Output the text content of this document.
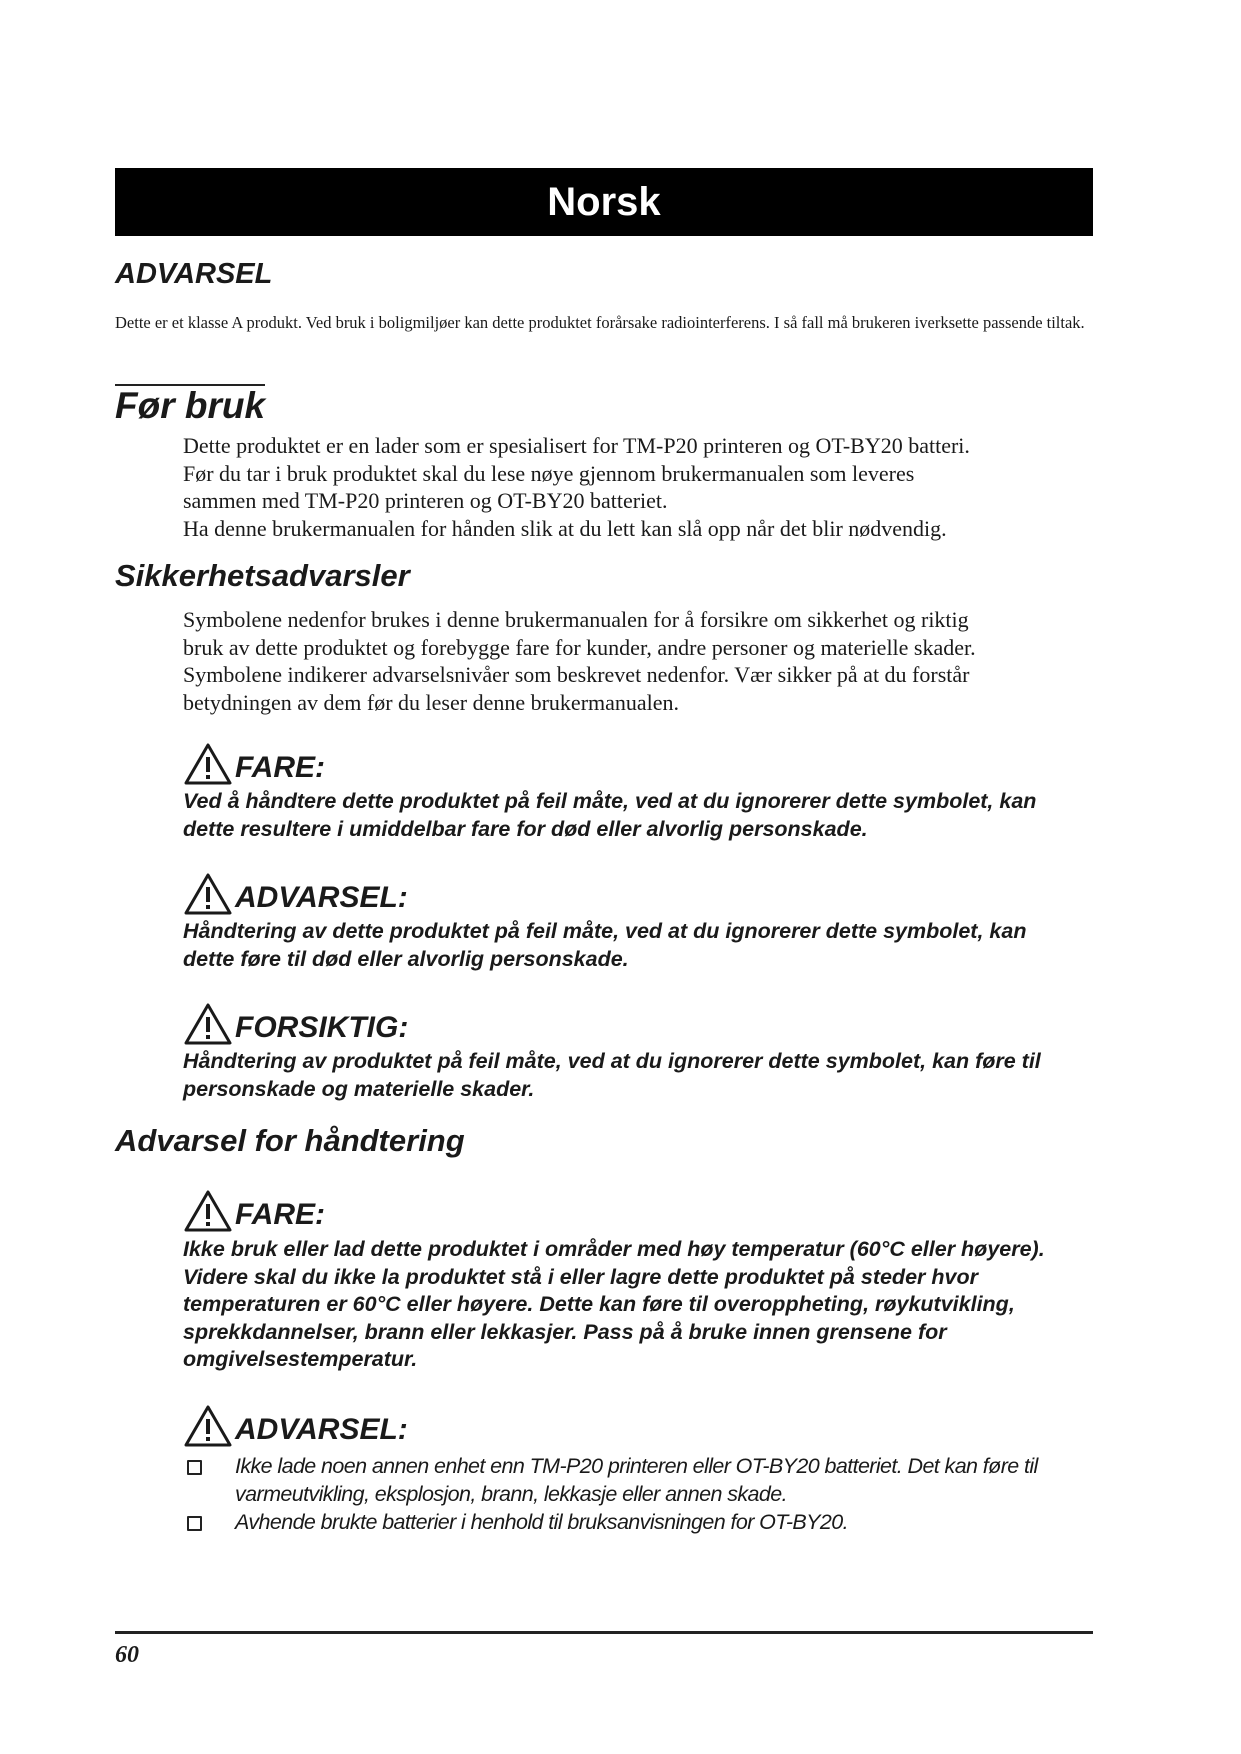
Norsk
ADVARSEL

Dette er et klasse A produkt. Ved bruk i boligmiljøer kan dette produktet forårsake radiointerferens. I så fall må brukeren iverksette passende tiltak.

Før bruk

Dette produktet er en lader som er spesialisert for TM-P20 printeren og OT-BY20 batteri.
Før du tar i bruk produktet skal du lese nøye gjennom brukermanualen som leveres
sammen med TM-P20 printeren og OT-BY20 batteriet.
Ha denne brukermanualen for hånden slik at du lett kan slå opp når det blir nødvendig.

Sikkerhetsadvarsler

Symbolene nedenfor brukes i denne brukermanualen for å forsikre om sikkerhet og riktig
bruk av dette produktet og forebygge fare for kunder, andre personer og materielle skader.
Symbolene indikerer advarselsnivåer som beskrevet nedenfor. Vær sikker på at du forstår
betydningen av dem før du leser denne brukermanualen.

FARE:

Ved å håndtere dette produktet på feil måte, ved at du ignorerer dette symbolet, kan
dette resultere i umiddelbar fare for død eller alvorlig personskade.

ADVARSEL:

Håndtering av dette produktet på feil måte, ved at du ignorerer dette symbolet, kan
dette føre til død eller alvorlig personskade.

FORSIKTIG:

Håndtering av produktet på feil måte, ved at du ignorerer dette symbolet, kan føre til
personskade og materielle skader.

Advarsel for håndtering
FARE:

Ikke bruk eller lad dette produktet i områder med høy temperatur (60°C eller høyere).
Videre skal du ikke la produktet stå i eller lagre dette produktet på steder hvor
temperaturen er 60°C eller høyere. Dette kan føre til overoppheting, røykutvikling,
sprekkdannelser, brann eller lekkasjer. Pass på å bruke innen grensene for
omgivelsestemperatur.

ADVARSEL:
Ikke lade noen annen enhet enn TM-P20 printeren eller OT-BY20 batteriet. Det kan føre til
varmeutvikling, eksplosjon, brann, lekkasje eller annen skade.
Avhende brukte batterier i henhold til bruksanvisningen for OT-BY20.
60
